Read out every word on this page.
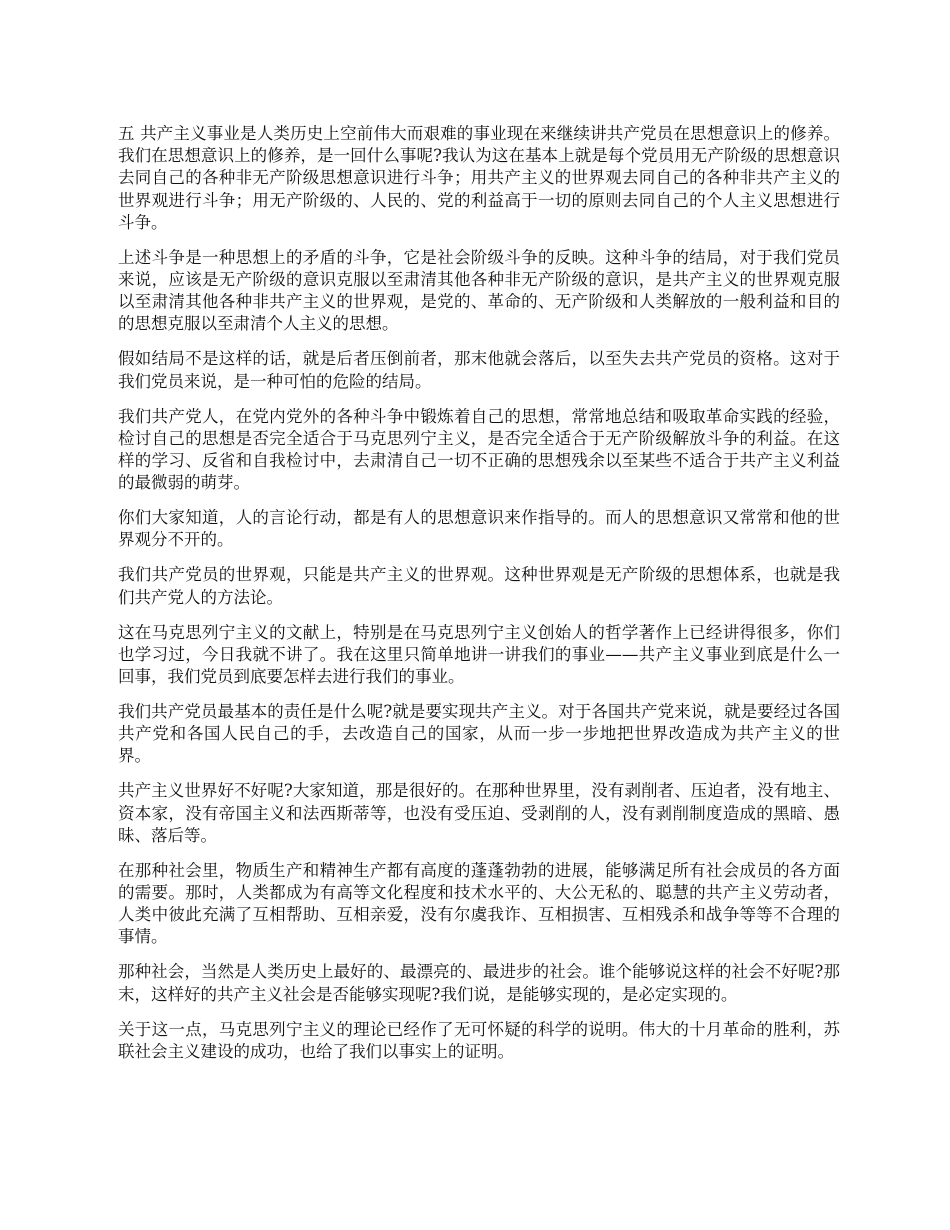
五 共产主义事业是人类历史上空前伟大而艰难的事业现在来继续讲共产党员在思想意识上的修养。我们在思想意识上的修养，是一回什么事呢?我认为这在基本上就是每个党员用无产阶级的思想意识去同自己的各种非无产阶级思想意识进行斗争；用共产主义的世界观去同自己的各种非共产主义的世界观进行斗争；用无产阶级的、人民的、党的利益高于一切的原则去同自己的个人主义思想进行斗争。

上述斗争是一种思想上的矛盾的斗争，它是社会阶级斗争的反映。这种斗争的结局，对于我们党员来说，应该是无产阶级的意识克服以至肃清其他各种非无产阶级的意识，是共产主义的世界观克服以至肃清其他各种非共产主义的世界观，是党的、革命的、无产阶级和人类解放的一般利益和目的的思想克服以至肃清个人主义的思想。

假如结局不是这样的话，就是后者压倒前者，那末他就会落后，以至失去共产党员的资格。这对于我们党员来说，是一种可怕的危险的结局。

我们共产党人，在党内党外的各种斗争中锻炼着自己的思想，常常地总结和吸取革命实践的经验，检讨自己的思想是否完全适合于马克思列宁主义，是否完全适合于无产阶级解放斗争的利益。在这样的学习、反省和自我检讨中，去肃清自己一切不正确的思想残余以至某些不适合于共产主义利益的最微弱的萌芽。

你们大家知道，人的言论行动，都是有人的思想意识来作指导的。而人的思想意识又常常和他的世界观分不开的。

我们共产党员的世界观，只能是共产主义的世界观。这种世界观是无产阶级的思想体系，也就是我们共产党人的方法论。

这在马克思列宁主义的文献上，特别是在马克思列宁主义创始人的哲学著作上已经讲得很多，你们也学习过，今日我就不讲了。我在这里只简单地讲一讲我们的事业——共产主义事业到底是什么一回事，我们党员到底要怎样去进行我们的事业。

我们共产党员最基本的责任是什么呢?就是要实现共产主义。对于各国共产党来说，就是要经过各国共产党和各国人民自己的手，去改造自己的国家，从而一步一步地把世界改造成为共产主义的世界。

共产主义世界好不好呢?大家知道，那是很好的。在那种世界里，没有剥削者、压迫者，没有地主、资本家，没有帝国主义和法西斯蒂等，也没有受压迫、受剥削的人，没有剥削制度造成的黑暗、愚昧、落后等。

在那种社会里，物质生产和精神生产都有高度的蓬蓬勃勃的进展，能够满足所有社会成员的各方面的需要。那时，人类都成为有高等文化程度和技术水平的、大公无私的、聪慧的共产主义劳动者，人类中彼此充满了互相帮助、互相亲爱，没有尔虞我诈、互相损害、互相残杀和战争等等不合理的事情。

那种社会，当然是人类历史上最好的、最漂亮的、最进步的社会。谁个能够说这样的社会不好呢?那末，这样好的共产主义社会是否能够实现呢?我们说，是能够实现的，是必定实现的。

关于这一点，马克思列宁主义的理论已经作了无可怀疑的科学的说明。伟大的十月革命的胜利，苏联社会主义建设的成功，也给了我们以事实上的证明。
